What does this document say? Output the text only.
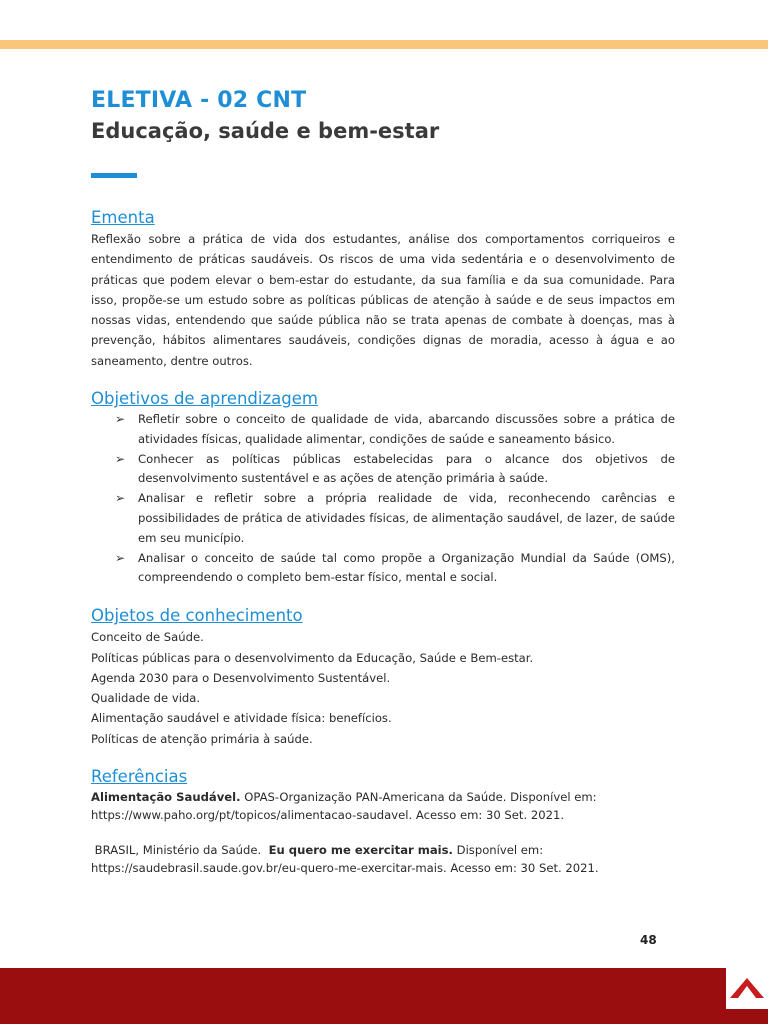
ELETIVA - 02 CNT
Educação, saúde e bem-estar
Ementa

Reflexão sobre a prática de vida dos estudantes, análise dos comportamentos corriqueiros e entendimento de práticas saudáveis. Os riscos de uma vida sedentária e o desenvolvimento de práticas que podem elevar o bem-estar do estudante, da sua família e da sua comunidade. Para isso, propõe-se um estudo sobre as políticas públicas de atenção à saúde e de seus impactos em nossas vidas, entendendo que saúde pública não se trata apenas de combate à doenças, mas à prevenção, hábitos alimentares saudáveis, condições dignas de moradia, acesso à água e ao saneamento, dentre outros.

Objetivos de aprendizagem
➢ Refletir sobre o conceito de qualidade de vida, abarcando discussões sobre a prática de atividades físicas, qualidade alimentar, condições de saúde e saneamento básico.
➢ Conhecer as políticas públicas estabelecidas para o alcance dos objetivos de desenvolvimento sustentável e as ações de atenção primária à saúde.
➢ Analisar e refletir sobre a própria realidade de vida, reconhecendo carências e possibilidades de prática de atividades físicas, de alimentação saudável, de lazer, de saúde em seu município.
➢ Analisar o conceito de saúde tal como propõe a Organização Mundial da Saúde (OMS), compreendendo o completo bem-estar físico, mental e social.
Objetos de conhecimento
Conceito de Saúde.
Políticas públicas para o desenvolvimento da Educação, Saúde e Bem-estar.
Agenda 2030 para o Desenvolvimento Sustentável.
Qualidade de vida.
Alimentação saudável e atividade física: benefícios.
Políticas de atenção primária à saúde.
Referências

Alimentação Saudável. OPAS-Organização PAN-Americana da Saúde. Disponível em:
https://www.paho.org/pt/topicos/alimentacao-saudavel. Acesso em: 30 Set. 2021.

BRASIL, Ministério da Saúde.  Eu quero me exercitar mais. Disponível em:
https://saudebrasil.saude.gov.br/eu-quero-me-exercitar-mais. Acesso em: 30 Set. 2021.

48
